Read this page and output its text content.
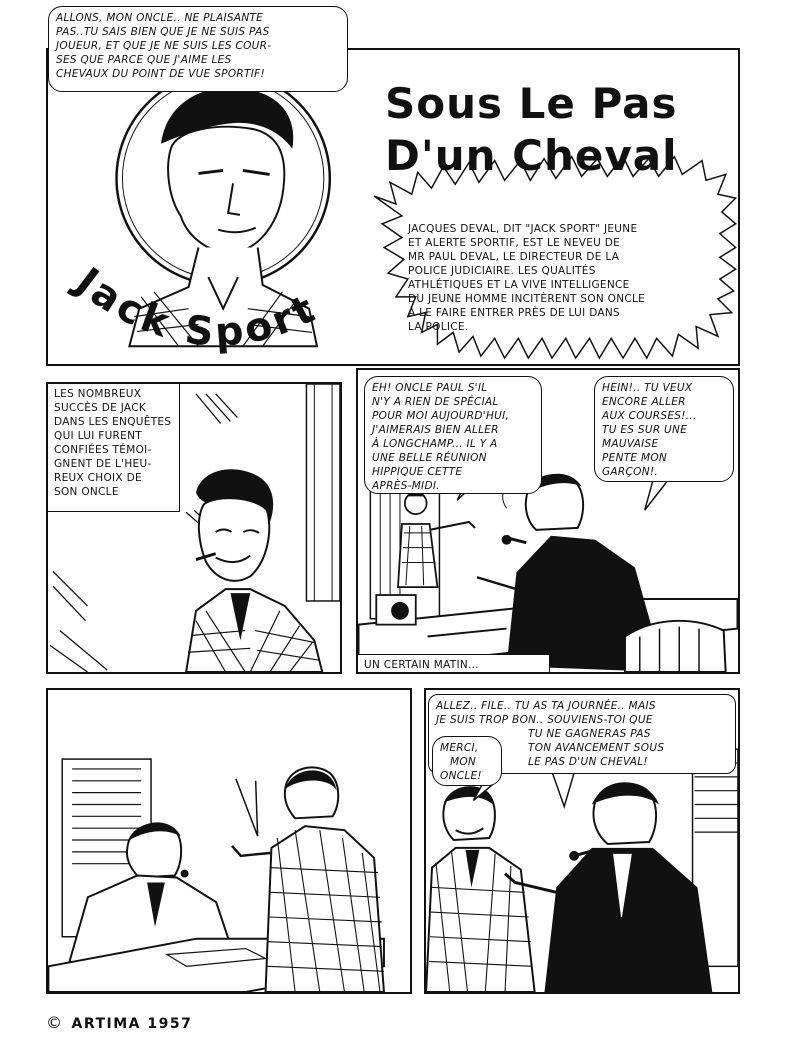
Jack Sport
Sous Le Pas
D'un Cheval
JACQUES DEVAL, DIT "JACK SPORT" JEUNE
ET ALERTE SPORTIF, EST LE NEVEU DE
MR PAUL DEVAL, LE DIRECTEUR DE LA
POLICE JUDICIAIRE. LES QUALITÉS
ATHLÉTIQUES ET LA VIVE INTELLIGENCE
DU JEUNE HOMME INCITÈRENT SON ONCLE
À LE FAIRE ENTRER PRÈS DE LUI DANS
LA POLICE.
LES NOMBREUX
SUCCÈS DE JACK
DANS LES ENQUÊTES
QUI LUI FURENT
CONFIÉES TÉMOI-
GNENT DE L'HEU-
REUX CHOIX DE
SON ONCLE
EH! ONCLE PAUL S'IL
N'Y A RIEN DE SPÉCIAL
POUR MOI AUJOURD'HUI,
J'AIMERAIS BIEN ALLER
À LONGCHAMP... IL Y A
UNE BELLE RÉUNION
HIPPIQUE CETTE
APRÈS-MIDI.
HEIN!.. TU VEUX
ENCORE ALLER
AUX COURSES!...
TU ES SUR UNE
MAUVAISE
PENTE MON
GARÇON!.
UN CERTAIN MATIN...
ALLONS, MON ONCLE.. NE PLAISANTE
PAS..TU SAIS BIEN QUE JE NE SUIS PAS
JOUEUR, ET QUE JE NE SUIS LES COUR-
SES QUE PARCE QUE J'AIME LES
CHEVAUX DU POINT DE VUE SPORTIF!
ALLEZ.. FILE.. TU AS TA JOURNÉE.. MAIS
JE SUIS TROP BON.. SOUVIENS-TOI QUE
TU NE GAGNERAS PAS
TON AVANCEMENT SOUS
LE PAS D'UN CHEVAL!
MERCI,
MON
ONCLE!
© ARTIMA 1957
